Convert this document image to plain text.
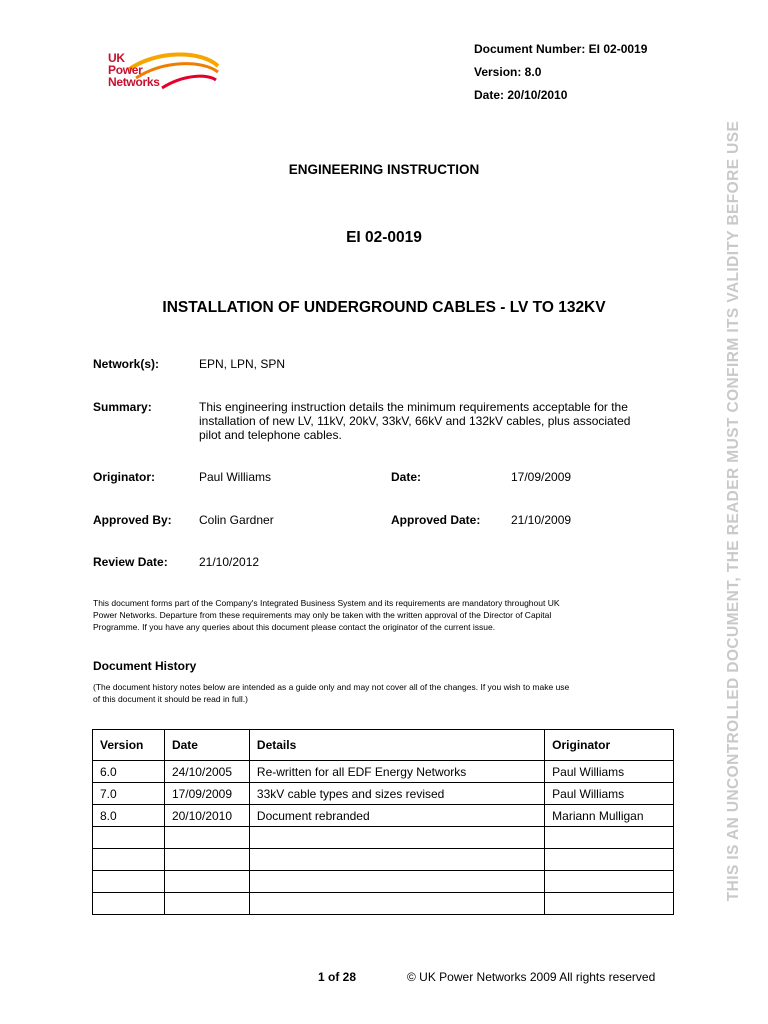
UK
Power
Networks
Document Number: EI 02-0019
Version: 8.0
Date: 20/10/2010
ENGINEERING INSTRUCTION
EI 02-0019
INSTALLATION OF UNDERGROUND CABLES - LV TO 132KV
Network(s):	EPN, LPN, SPN
Summary:	This engineering instruction details the minimum requirements acceptable for the
installation of new LV, 11kV, 20kV, 33kV, 66kV and 132kV cables, plus associated
pilot and telephone cables.
Originator:	Paul Williams	Date:	17/09/2009
Approved By: Colin Gardner	Approved Date:	21/10/2009
Review Date:	21/10/2012
This document forms part of the Company's Integrated Business System and its requirements are mandatory throughout UK
Power Networks. Departure from these requirements may only be taken with the written approval of the Director of Capital
Programme. If you have any queries about this document please contact the originator of the current issue.
Document History
(The document history notes below are intended as a guide only and may not cover all of the changes. If you wish to make use
of this document it should be read in full.)
Version	Date	Details	Originator
6.0	24/10/2005	Re-written for all EDF Energy Networks	Paul Williams
7.0	17/09/2009	33kV cable types and sizes revised	Paul Williams
8.0	20/10/2010	Document rebranded	Mariann Mulligan

1 of 28	© UK Power Networks 2009 All rights reserved
THIS IS AN UNCONTROLLED DOCUMENT, THE READER MUST CONFIRM ITS VALIDITY BEFORE USE
